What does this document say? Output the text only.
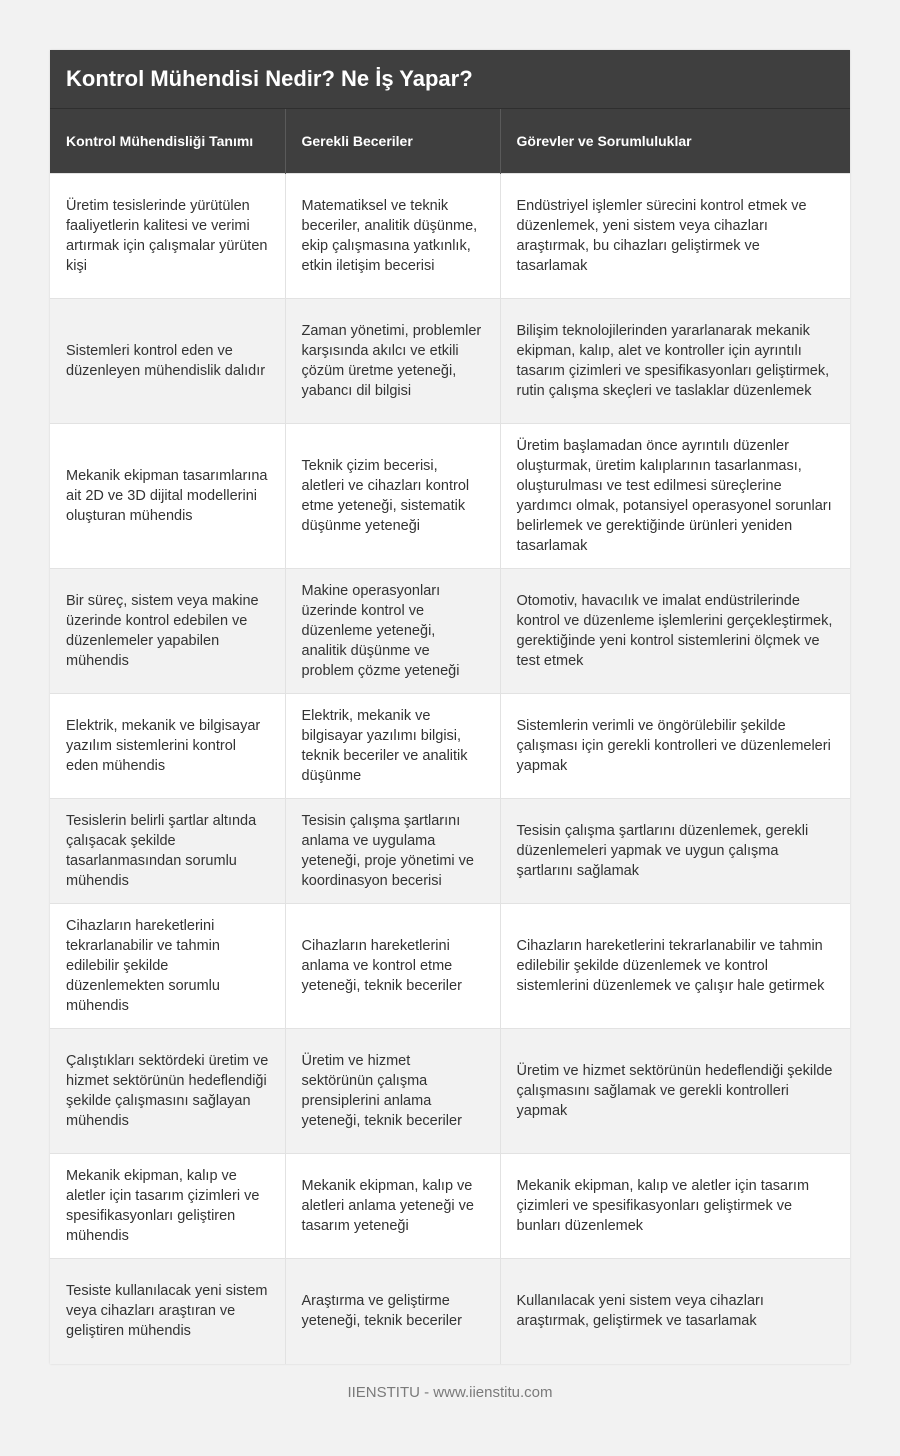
Kontrol Mühendisi Nedir? Ne İş Yapar?
Kontrol Mühendisliği Tanımı	Gerekli Beceriler	Görevler ve Sorumluluklar
Üretim tesislerinde yürütülen faaliyetlerin kalitesi ve verimi artırmak için çalışmalar yürüten kişi	Matematiksel ve teknik beceriler, analitik düşünme, ekip çalışmasına yatkınlık, etkin iletişim becerisi	Endüstriyel işlemler sürecini kontrol etmek ve düzenlemek, yeni sistem veya cihazları araştırmak, bu cihazları geliştirmek ve tasarlamak
Sistemleri kontrol eden ve düzenleyen mühendislik dalıdır	Zaman yönetimi, problemler karşısında akılcı ve etkili çözüm üretme yeteneği, yabancı dil bilgisi	Bilişim teknolojilerinden yararlanarak mekanik ekipman, kalıp, alet ve kontroller için ayrıntılı tasarım çizimleri ve spesifikasyonları geliştirmek, rutin çalışma skeçleri ve taslaklar düzenlemek
Mekanik ekipman tasarımlarına ait 2D ve 3D dijital modellerini oluşturan mühendis	Teknik çizim becerisi, aletleri ve cihazları kontrol etme yeteneği, sistematik düşünme yeteneği	Üretim başlamadan önce ayrıntılı düzenler oluşturmak, üretim kalıplarının tasarlanması, oluşturulması ve test edilmesi süreçlerine yardımcı olmak, potansiyel operasyonel sorunları belirlemek ve gerektiğinde ürünleri yeniden tasarlamak
Bir süreç, sistem veya makine üzerinde kontrol edebilen ve düzenlemeler yapabilen mühendis	Makine operasyonları üzerinde kontrol ve düzenleme yeteneği, analitik düşünme ve problem çözme yeteneği	Otomotiv, havacılık ve imalat endüstrilerinde kontrol ve düzenleme işlemlerini gerçekleştirmek, gerektiğinde yeni kontrol sistemlerini ölçmek ve test etmek
Elektrik, mekanik ve bilgisayar yazılım sistemlerini kontrol eden mühendis	Elektrik, mekanik ve bilgisayar yazılımı bilgisi, teknik beceriler ve analitik düşünme	Sistemlerin verimli ve öngörülebilir şekilde çalışması için gerekli kontrolleri ve düzenlemeleri yapmak
Tesislerin belirli şartlar altında çalışacak şekilde tasarlanmasından sorumlu mühendis	Tesisin çalışma şartlarını anlama ve uygulama yeteneği, proje yönetimi ve koordinasyon becerisi	Tesisin çalışma şartlarını düzenlemek, gerekli düzenlemeleri yapmak ve uygun çalışma şartlarını sağlamak
Cihazların hareketlerini tekrarlanabilir ve tahmin edilebilir şekilde düzenlemekten sorumlu mühendis	Cihazların hareketlerini anlama ve kontrol etme yeteneği, teknik beceriler	Cihazların hareketlerini tekrarlanabilir ve tahmin edilebilir şekilde düzenlemek ve kontrol sistemlerini düzenlemek ve çalışır hale getirmek
Çalıştıkları sektördeki üretim ve hizmet sektörünün hedeflendiği şekilde çalışmasını sağlayan mühendis	Üretim ve hizmet sektörünün çalışma prensiplerini anlama yeteneği, teknik beceriler	Üretim ve hizmet sektörünün hedeflendiği şekilde çalışmasını sağlamak ve gerekli kontrolleri yapmak
Mekanik ekipman, kalıp ve aletler için tasarım çizimleri ve spesifikasyonları geliştiren mühendis	Mekanik ekipman, kalıp ve aletleri anlama yeteneği ve tasarım yeteneği	Mekanik ekipman, kalıp ve aletler için tasarım çizimleri ve spesifikasyonları geliştirmek ve bunları düzenlemek
Tesiste kullanılacak yeni sistem veya cihazları araştıran ve geliştiren mühendis	Araştırma ve geliştirme yeteneği, teknik beceriler	Kullanılacak yeni sistem veya cihazları araştırmak, geliştirmek ve tasarlamak
IIENSTITU - www.iienstitu.com
